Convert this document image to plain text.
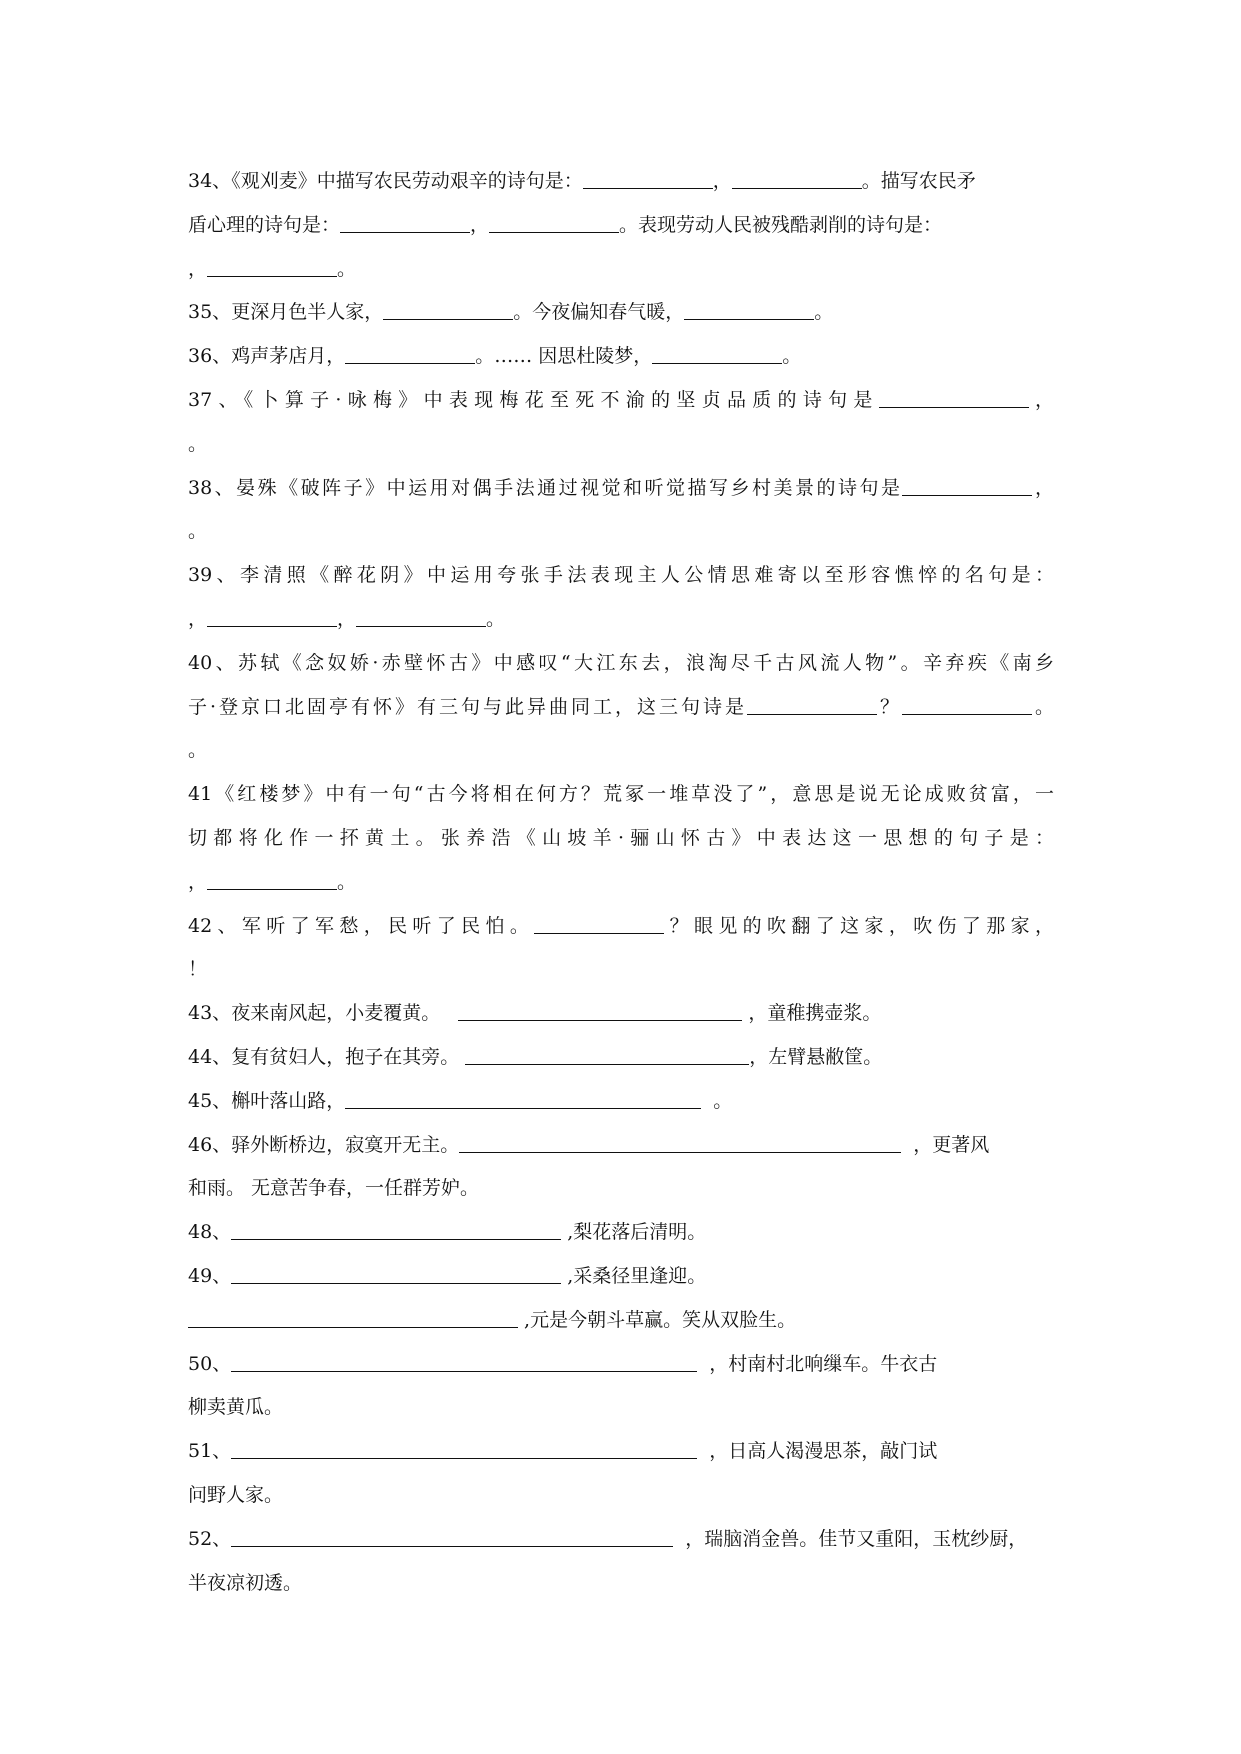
34、《观刈麦》中描写农民劳动艰辛的诗句是：	，	。描写农民矛
盾心理的诗句是：	，	。表现劳动人民被残酷剥削的诗句是：
，	。
35、更深月色半人家，	。今夜偏知春气暖，	。
36、鸡声茅店月，	。…… 因思杜陵梦，	。
37、《卜算子·咏梅》中表现梅花至死不渝的坚贞品质的诗句是	，
。
38、晏殊《破阵子》中运用对偶手法通过视觉和听觉描写乡村美景的诗句是	，
。
39、李清照《醉花阴》中运用夸张手法表现主人公情思难寄以至形容憔悴的名句是：
，	，	。
40、苏轼《念奴娇·赤壁怀古》中感叹“大江东去，浪淘尽千古风流人物”。辛弃疾《南乡
子·登京口北固亭有怀》有三句与此异曲同工，这三句诗是	？	。
。
41《红楼梦》中有一句“古今将相在何方？荒冢一堆草没了”，意思是说无论成败贫富，一
切都将化作一抔黄土。张养浩《山坡羊·骊山怀古》中表达这一思想的句子是：
，	。
42、军听了军愁，民听了民怕。	？眼见的吹翻了这家，吹伤了那家，
！
43、夜来南风起，小麦覆黄。	，童稚携壶浆。
44、复有贫妇人，抱子在其旁。	，左臂悬敝筐。
45、槲叶落山路，	。
46、驿外断桥边，寂寞开无主。	，更著风
和雨。 无意苦争春，一任群芳妒。
48、	,梨花落后清明。
49、	,采桑径里逢迎。
,元是今朝斗草赢。笑从双脸生。
50、	，村南村北响缫车。牛衣古
柳卖黄瓜。
51、	，日高人渴漫思茶，敲门试
问野人家。
52、	，瑞脑消金兽。佳节又重阳，玉枕纱厨，
半夜凉初透。
